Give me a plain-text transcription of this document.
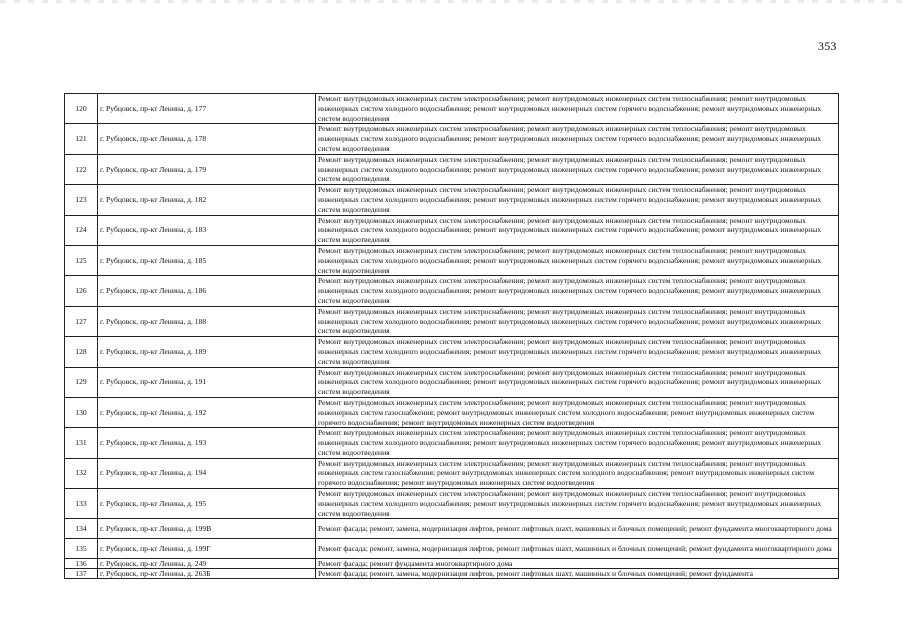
353
120	г. Рубцовск, пр-кт Ленина, д. 177	Ремонт внутридомовых инженерных систем электроснабжения; ремонт внутридомовых инженерных систем теплоснабжения; ремонт внутридомовых инженерных систем холодного водоснабжения; ремонт внутридомовых инженерных систем горячего водоснабжения; ремонт внутридомовых инженерных систем водоотведения

121	г. Рубцовск, пр-кт Ленина, д. 178	Ремонт внутридомовых инженерных систем электроснабжения; ремонт внутридомовых инженерных систем теплоснабжения; ремонт внутридомовых инженерных систем холодного водоснабжения; ремонт внутридомовых инженерных систем горячего водоснабжения; ремонт внутридомовых инженерных систем водоотведения

122	г. Рубцовск, пр-кт Ленина, д. 179	Ремонт внутридомовых инженерных систем электроснабжения; ремонт внутридомовых инженерных систем теплоснабжения; ремонт внутридомовых инженерных систем холодного водоснабжения; ремонт внутридомовых инженерных систем горячего водоснабжения; ремонт внутридомовых инженерных систем водоотведения

123	г. Рубцовск, пр-кт Ленина, д. 182	Ремонт внутридомовых инженерных систем электроснабжения; ремонт внутридомовых инженерных систем теплоснабжения; ремонт внутридомовых инженерных систем холодного водоснабжения; ремонт внутридомовых инженерных систем горячего водоснабжения; ремонт внутридомовых инженерных систем водоотведения

124	г. Рубцовск, пр-кт Ленина, д. 183	Ремонт внутридомовых инженерных систем электроснабжения; ремонт внутридомовых инженерных систем теплоснабжения; ремонт внутридомовых инженерных систем холодного водоснабжения; ремонт внутридомовых инженерных систем горячего водоснабжения; ремонт внутридомовых инженерных систем водоотведения

125	г. Рубцовск, пр-кт Ленина, д. 185	Ремонт внутридомовых инженерных систем электроснабжения; ремонт внутридомовых инженерных систем теплоснабжения; ремонт внутридомовых инженерных систем холодного водоснабжения; ремонт внутридомовых инженерных систем горячего водоснабжения; ремонт внутридомовых инженерных систем водоотведения

126	г. Рубцовск, пр-кт Ленина, д. 186	Ремонт внутридомовых инженерных систем электроснабжения; ремонт внутридомовых инженерных систем теплоснабжения; ремонт внутридомовых инженерных систем холодного водоснабжения; ремонт внутридомовых инженерных систем горячего водоснабжения; ремонт внутридомовых инженерных систем водоотведения

127	г. Рубцовск, пр-кт Ленина, д. 188	Ремонт внутридомовых инженерных систем электроснабжения; ремонт внутридомовых инженерных систем теплоснабжения; ремонт внутридомовых инженерных систем холодного водоснабжения; ремонт внутридомовых инженерных систем горячего водоснабжения; ремонт внутридомовых инженерных систем водоотведения

128	г. Рубцовск, пр-кт Ленина, д. 189	Ремонт внутридомовых инженерных систем электроснабжения; ремонт внутридомовых инженерных систем теплоснабжения; ремонт внутридомовых инженерных систем холодного водоснабжения; ремонт внутридомовых инженерных систем горячего водоснабжения; ремонт внутридомовых инженерных систем водоотведения

129	г. Рубцовск, пр-кт Ленина, д. 191	Ремонт внутридомовых инженерных систем электроснабжения; ремонт внутридомовых инженерных систем теплоснабжения; ремонт внутридомовых инженерных систем холодного водоснабжения; ремонт внутридомовых инженерных систем горячего водоснабжения; ремонт внутридомовых инженерных систем водоотведения

130	г. Рубцовск, пр-кт Ленина, д. 192	Ремонт внутридомовых инженерных систем электроснабжения; ремонт внутридомовых инженерных систем теплоснабжения; ремонт внутридомовых инженерных систем газоснабжения; ремонт внутридомовых инженерных систем холодного водоснабжения; ремонт внутридомовых инженерных систем горячего водоснабжения; ремонт внутридомовых инженерных систем водоотведения

131	г. Рубцовск, пр-кт Ленина, д. 193	Ремонт внутридомовых инженерных систем электроснабжения; ремонт внутридомовых инженерных систем теплоснабжения; ремонт внутридомовых инженерных систем холодного водоснабжения; ремонт внутридомовых инженерных систем горячего водоснабжения; ремонт внутридомовых инженерных систем водоотведения

132	г. Рубцовск, пр-кт Ленина, д. 194	Ремонт внутридомовых инженерных систем электроснабжения; ремонт внутридомовых инженерных систем теплоснабжения; ремонт внутридомовых инженерных систем газоснабжения; ремонт внутридомовых инженерных систем холодного водоснабжения; ремонт внутридомовых инженерных систем горячего водоснабжения; ремонт внутридомовых инженерных систем водоотведения

133	г. Рубцовск, пр-кт Ленина, д. 195	Ремонт внутридомовых инженерных систем электроснабжения; ремонт внутридомовых инженерных систем теплоснабжения; ремонт внутридомовых инженерных систем холодного водоснабжения; ремонт внутридомовых инженерных систем горячего водоснабжения; ремонт внутридомовых инженерных систем водоотведения

134	г. Рубцовск, пр-кт Ленина, д. 199В	Ремонт фасада; ремонт, замена, модернизация лифтов, ремонт лифтовых шахт, машинных и блочных помещений; ремонт фундамента многоквартирного дома

135	г. Рубцовск, пр-кт Ленина, д. 199Г	Ремонт фасада; ремонт, замена, модернизация лифтов, ремонт лифтовых шахт, машинных и блочных помещений; ремонт фундамента многоквартирного дома

136	г. Рубцовск, пр-кт Ленина, д. 249	Ремонт фасада; ремонт фундамента многоквартирного дома

137	г. Рубцовск, пр-кт Ленина, д. 263Б	Ремонт фасада; ремонт, замена, модернизация лифтов, ремонт лифтовых шахт, машинных и блочных помещений; ремонт фундамента
